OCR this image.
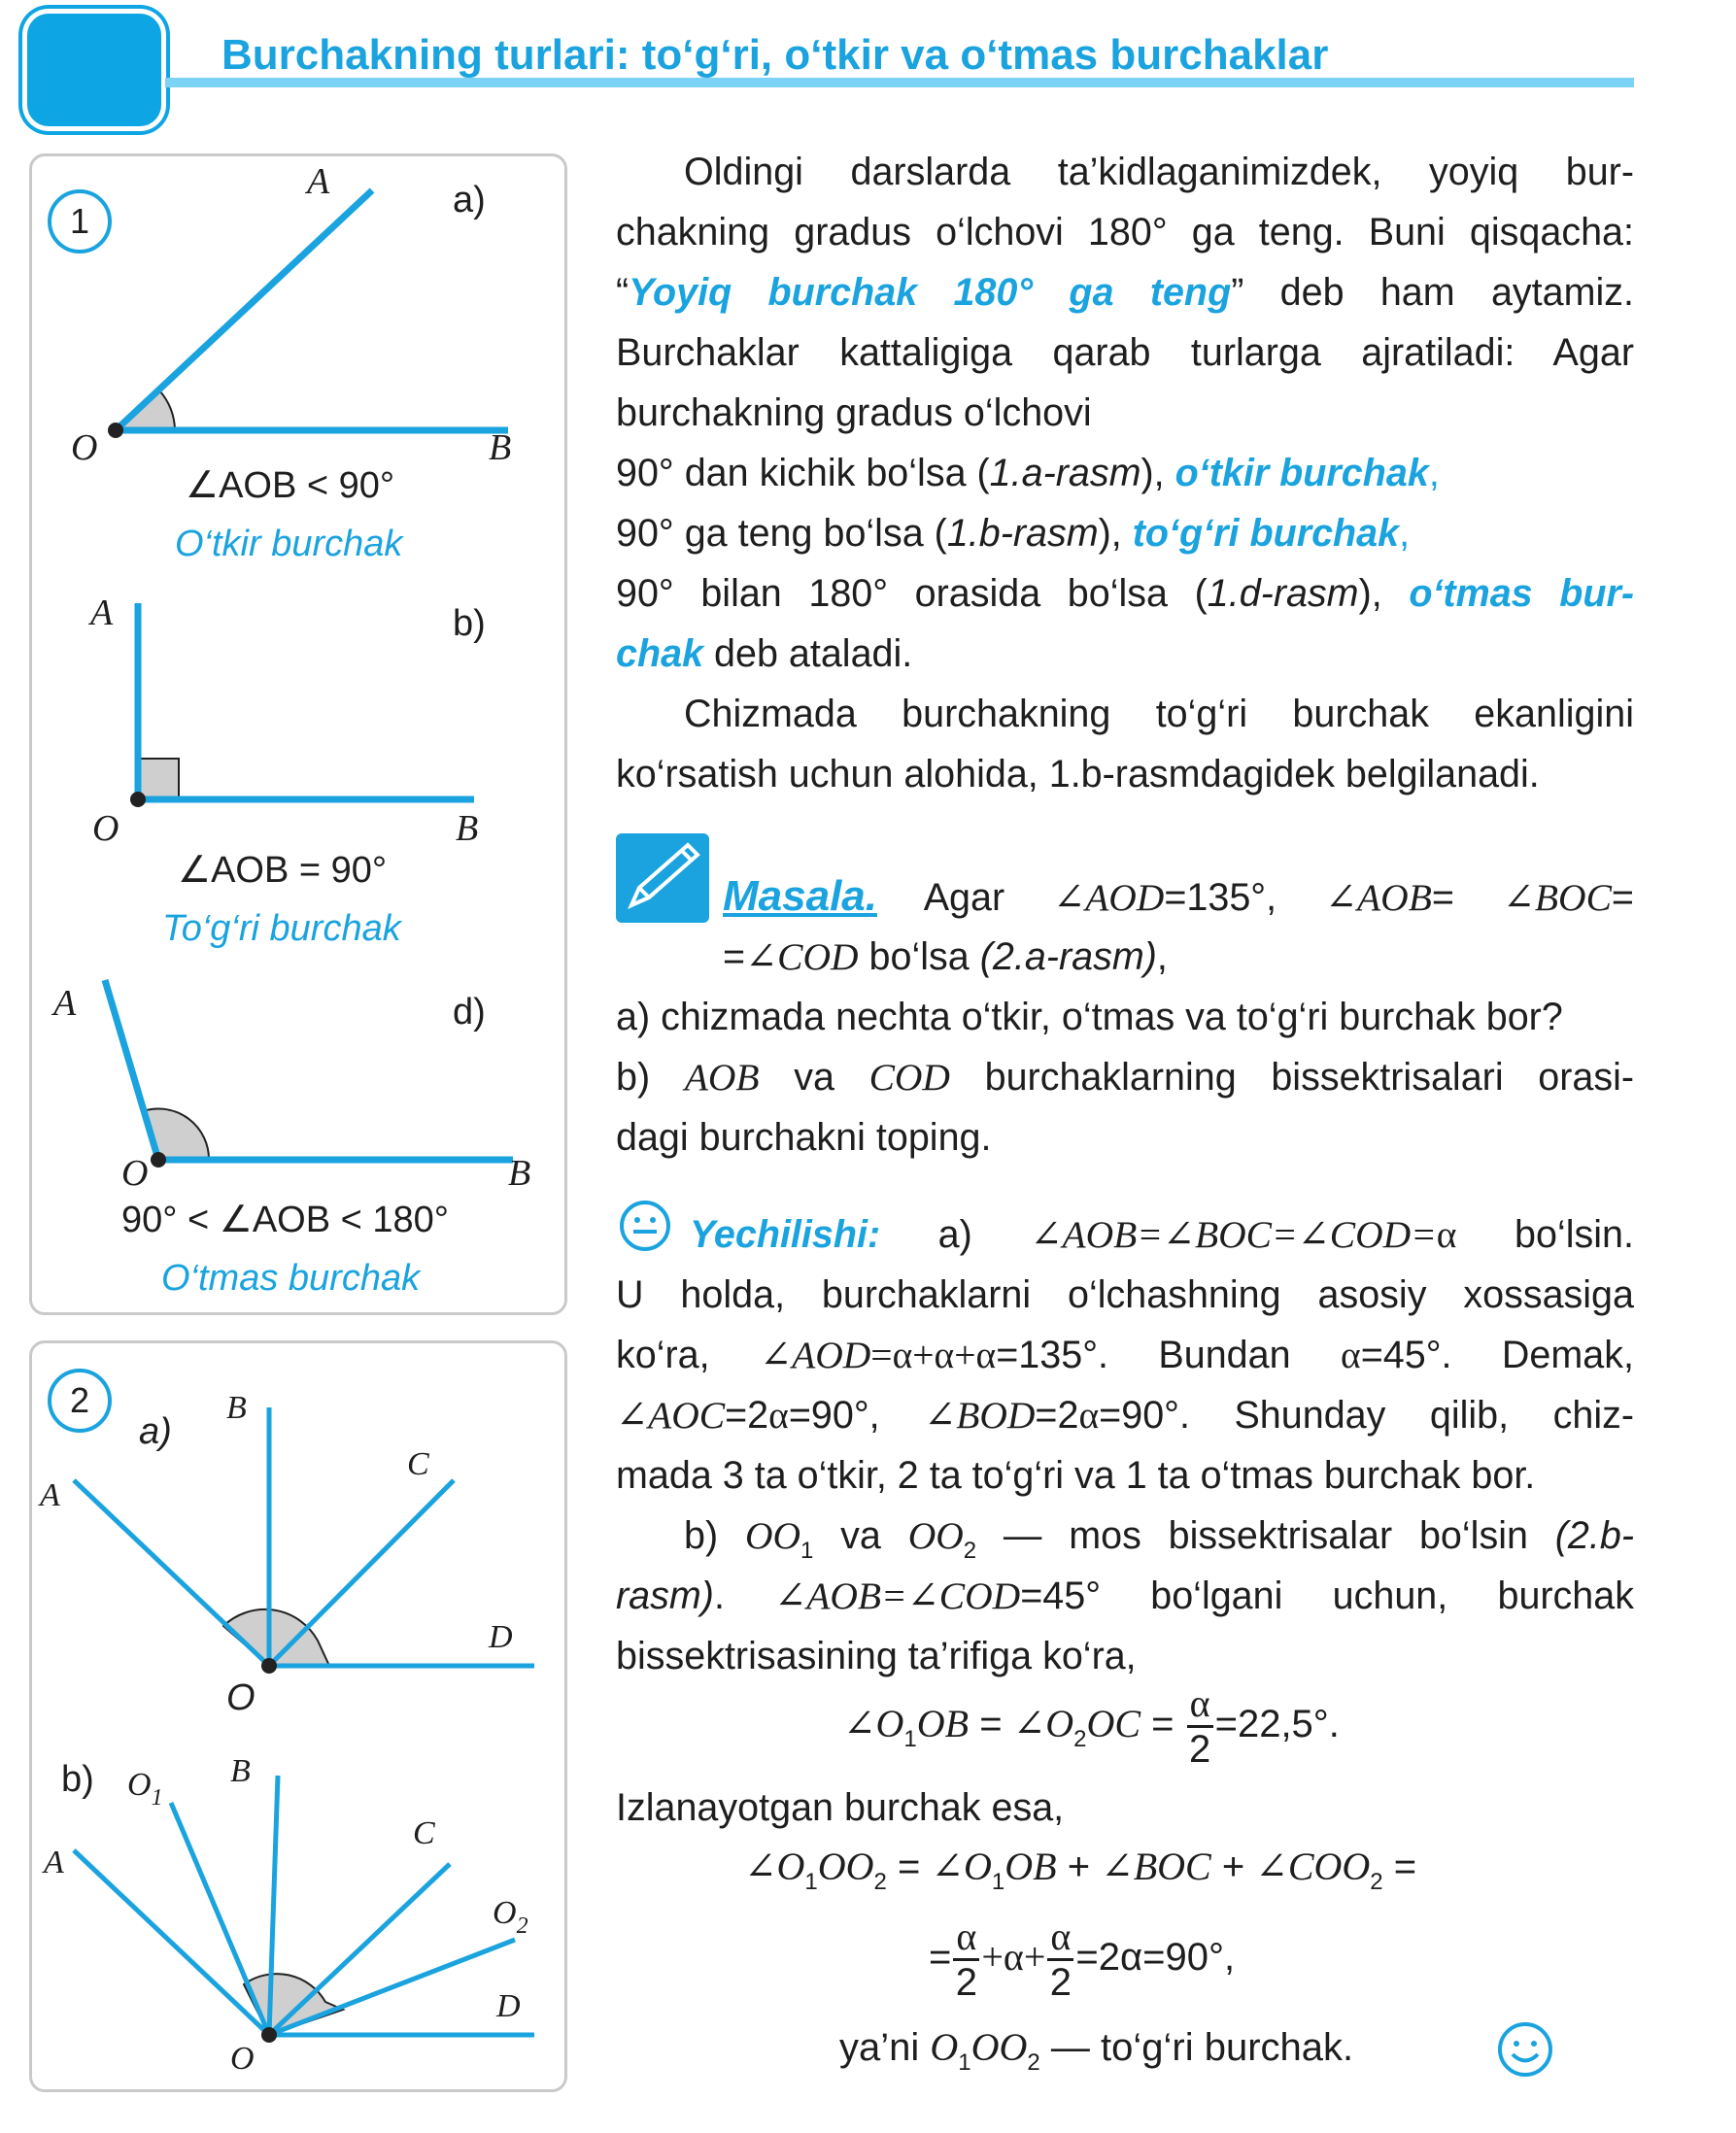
Burchakning turlari: to‘g‘ri, o‘tkir va o‘tmas burchaklar
1
A	a)
O	B
∠AOB < 90°
O‘tkir burchak
A	b)
O	B
∠AOB = 90°
To‘g‘ri burchak
A	d)
O	B
90° < ∠AOB < 180°
O‘tmas burchak
2
a)
B
A
C
D
O
b) $O_1$
B
A
C
$O_2$
D
O
Oldingi darslarda ta’kidlaganimizdek, yoyiq bur-
chakning gradus o‘lchovi 180° ga teng. Buni qisqacha:
“Yoyiq burchak 180° ga teng” deb ham aytamiz.
Burchaklar kattaligiga qarab turlarga ajratiladi: Agar
burchakning gradus o‘lchovi
90° dan kichik bo‘lsa (1.a-rasm), o‘tkir burchak,
90° ga teng bo‘lsa (1.b-rasm), to‘g‘ri burchak,
90° bilan 180° orasida bo‘lsa (1.d-rasm), o‘tmas bur-
chak deb ataladi.
Chizmada burchakning to‘g‘ri burchak ekanligini
ko‘rsatish uchun alohida, 1.b-rasmdagidek belgilanadi.
Masala. Agar ∠AOD=135°, ∠AOB= ∠BOC=
=∠COD bo‘lsa (2.a-rasm),
a) chizmada nechta o‘tkir, o‘tmas va to‘g‘ri burchak bor?
b) AOB va COD burchaklarning bissektrisalari orasi-
dagi burchakni toping.
Yechilishi: a) ∠AOB=∠BOC=∠COD=α bo‘lsin.
U holda, burchaklarni o‘lchashning asosiy xossasiga
ko‘ra, ∠AOD=α+α+α=135°. Bundan α=45°. Demak,
∠AOC=2α=90°, ∠BOD=2α=90°. Shunday qilib, chiz-
mada 3 ta o‘tkir, 2 ta to‘g‘ri va 1 ta o‘tmas burchak bor.
b) $OO_1$ va $OO_2$ — mos bissektrisalar bo‘lsin (2.b-
rasm). ∠AOB=∠COD=45° bo‘lgani uchun, burchak
bissektrisasining ta’rifiga ko‘ra,
$\angle O_1OB$ = $\angle O_2OC = \frac{\alpha}{2} =22,5^\circ$.
Izlanayotgan burchak esa,
$\angle O_1OO_2$ = $\angle O_1OB$ + ∠BOC + $\angle COO_2$ =
= $\frac{\alpha}{2} +\alpha+ \frac{\alpha}{2} =2\alpha=90^\circ$,
ya’ni $O_1OO_2$ — to‘g‘ri burchak.
